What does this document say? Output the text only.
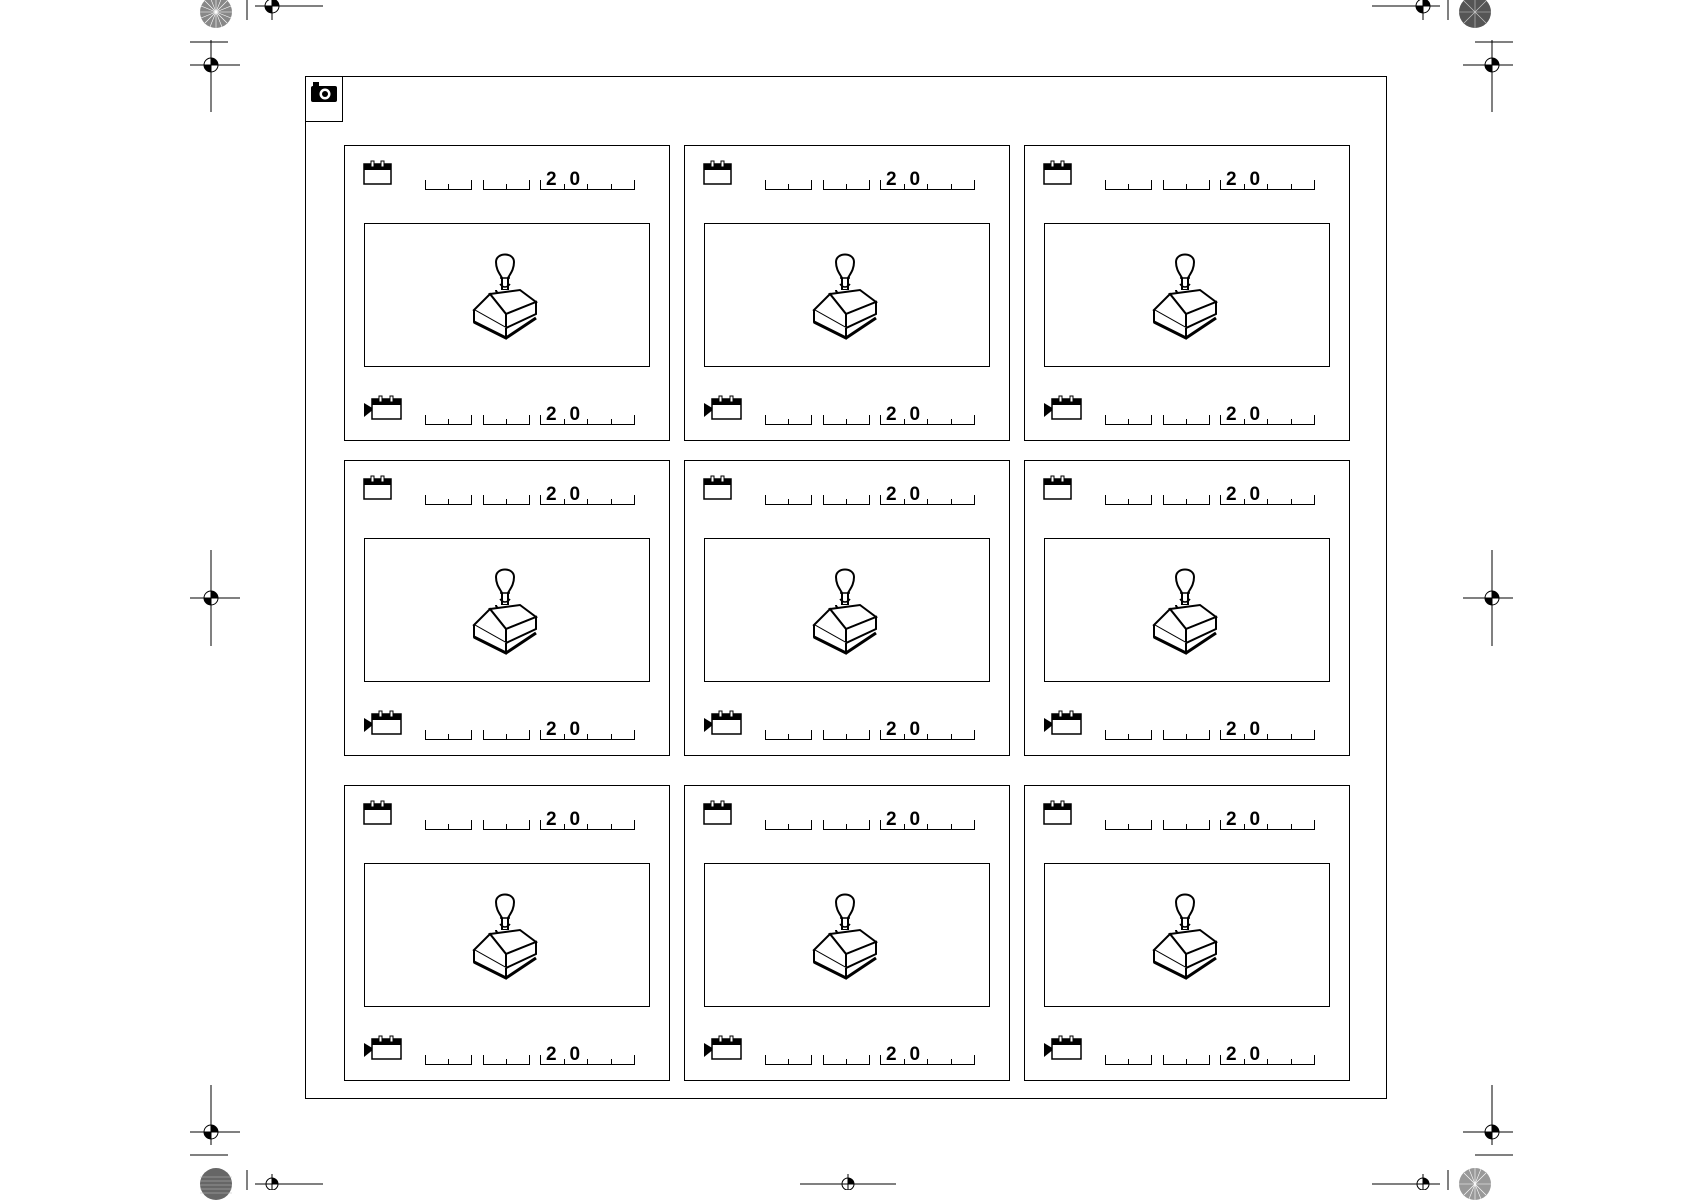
2 0
2 0
2 0
2 0
2 0
2 0
2 0
2 0
2 0
2 0
2 0
2 0
2 0
2 0
2 0
2 0
2 0
2 0
